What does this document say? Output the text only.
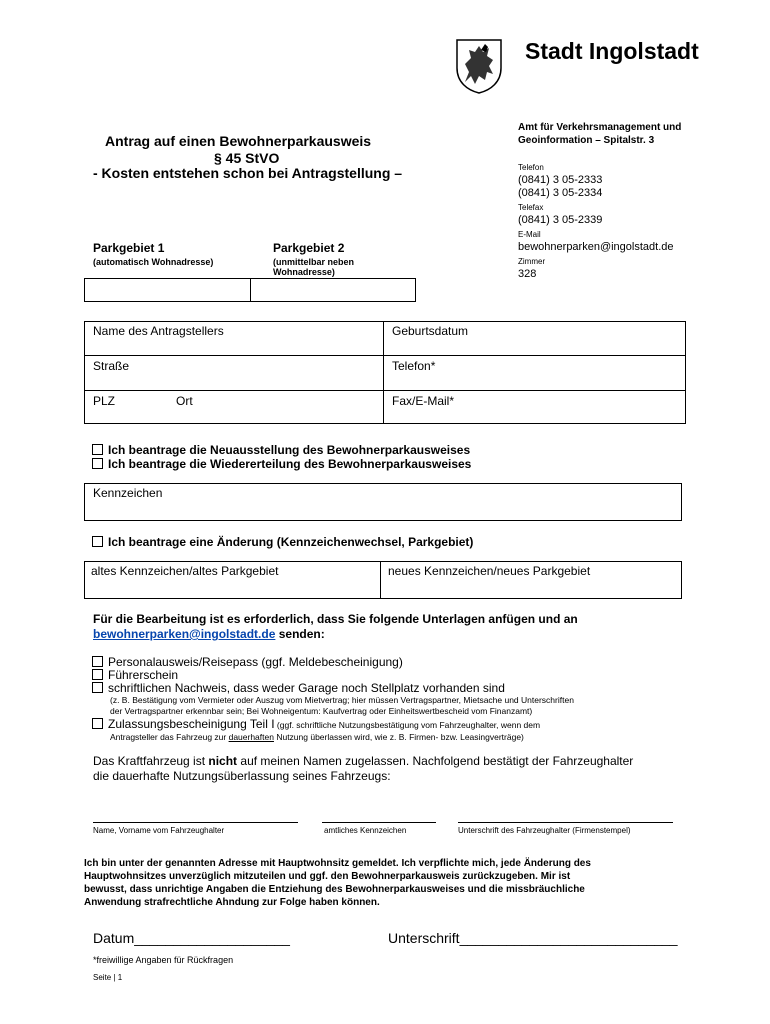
Stadt Ingolstadt
Antrag auf einen Bewohnerparkausweis
§ 45 StVO
- Kosten entstehen schon bei Antragstellung –
Amt für Verkehrsmanagement und
Geoinformation – Spitalstr. 3
Telefon
(0841) 3 05-2333
(0841) 3 05-2334
Telefax
(0841) 3 05-2339
E-Mail
bewohnerparken@ingolstadt.de
Zimmer
328
Parkgebiet 1
(automatisch Wohnadresse)
Parkgebiet 2
(unmittelbar neben
Wohnadresse)
Name des Antragstellers	Geburtsdatum
Straße	Telefon*
PLZ	Ort	Fax/E-Mail*
Ich beantrage die Neuausstellung des Bewohnerparkausweises
Ich beantrage die Wiedererteilung des Bewohnerparkausweises
Kennzeichen
Ich beantrage eine Änderung (Kennzeichenwechsel, Parkgebiet)
altes Kennzeichen/altes Parkgebiet	neues Kennzeichen/neues Parkgebiet
Für die Bearbeitung ist es erforderlich, dass Sie folgende Unterlagen anfügen und an
bewohnerparken@ingolstadt.de senden:
Personalausweis/Reisepass (ggf. Meldebescheinigung)
Führerschein
schriftlichen Nachweis, dass weder Garage noch Stellplatz vorhanden sind
(z. B. Bestätigung vom Vermieter oder Auszug vom Mietvertrag; hier müssen Vertragspartner, Mietsache und Unterschriften
der Vertragspartner erkennbar sein; Bei Wohneigentum: Kaufvertrag oder Einheitswertbescheid vom Finanzamt)
Zulassungsbescheinigung Teil I (ggf. schriftliche Nutzungsbestätigung vom Fahrzeughalter, wenn dem
Antragsteller das Fahrzeug zur dauerhaften Nutzung überlassen wird, wie z. B. Firmen- bzw. Leasingverträge)
Das Kraftfahrzeug ist nicht auf meinen Namen zugelassen. Nachfolgend bestätigt der Fahrzeughalter
die dauerhafte Nutzungsüberlassung seines Fahrzeugs:
Name, Vorname vom Fahrzeughalter	amtliches Kennzeichen	Unterschrift des Fahrzeughalter (Firmenstempel)
Ich bin unter der genannten Adresse mit Hauptwohnsitz gemeldet. Ich verpflichte mich, jede Änderung des
Hauptwohnsitzes unverzüglich mitzuteilen und ggf. den Bewohnerparkausweis zurückzugeben. Mir ist
bewusst, dass unrichtige Angaben die Entziehung des Bewohnerparkausweises und die missbräuchliche
Anwendung strafrechtliche Ahndung zur Folge haben können.
Datum____________________	Unterschrift____________________________
*freiwillige Angaben für Rückfragen
Seite | 1
